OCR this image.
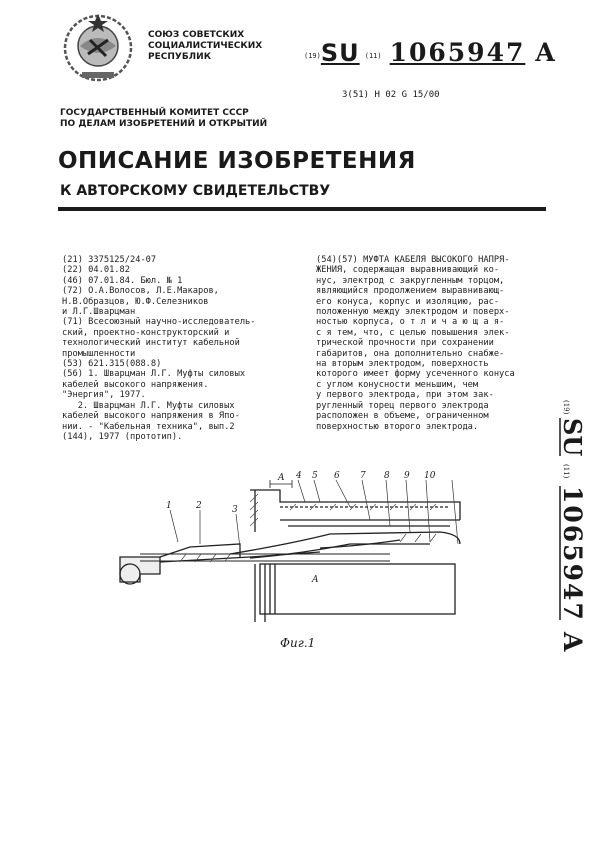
СОЮЗ СОВЕТСКИХ
СОЦИАЛИСТИЧЕСКИХ
РЕСПУБЛИК	(19)SU (11) 1065947 A
3(51) Н 02 G 15/00
ГОСУДАРСТВЕННЫЙ КОМИТЕТ СССР
ПО ДЕЛАМ ИЗОБРЕТЕНИЙ И ОТКРЫТИЙ
ОПИСАНИЕ ИЗОБРЕТЕНИЯ
К АВТОРСКОМУ СВИДЕТЕЛЬСТВУ
(21) 3375125/24-07
(22) 04.01.82
(46) 07.01.84. Бюл. № 1
(72) О.А.Волосов, Л.Е.Макаров,
Н.В.Образцов, Ю.Ф.Селезников
и Л.Г.Шварцман
(71) Всесоюзный научно-исследователь-
ский, проектно-конструкторский и
технологический институт кабельной
промышленности
(53) 621.315(088.8)
(56) 1. Шварцман Л.Г. Муфты силовых
кабелей высокого напряжения.
"Энергия", 1977.
2. Шварцман Л.Г. Муфты силовых
кабелей высокого напряжения в Япо-
нии. - "Кабельная техника", вып.2
(144), 1977 (прототип).
(54)(57) МУФТА КАБЕЛЯ ВЫСОКОГО НАПРЯ-
ЖЕНИЯ, содержащая выравнивающий ко-
нус, электрод с закругленным торцом,
являющийся продолжением выравнивающ-
его конуса, корпус и изоляцию, рас-
положенную между электродом и поверх-
ностью корпуса, о т л и ч а ю щ а я-
с я тем, что, с целью повышения элек-
трической прочности при сохранении
габаритов, она дополнительно снабже-
на вторым электродом, поверхность
которого имеет форму усеченного конуса
с углом конусности меньшим, чем
у первого электрода, при этом зак-
ругленный торец первого электрода
расположен в объеме, ограниченном
поверхностью второго электрода.
(19)
SU
(11)
1065947
A
1	2	3
A 4 5 6 7 8 9 10
A
Фиг.1
